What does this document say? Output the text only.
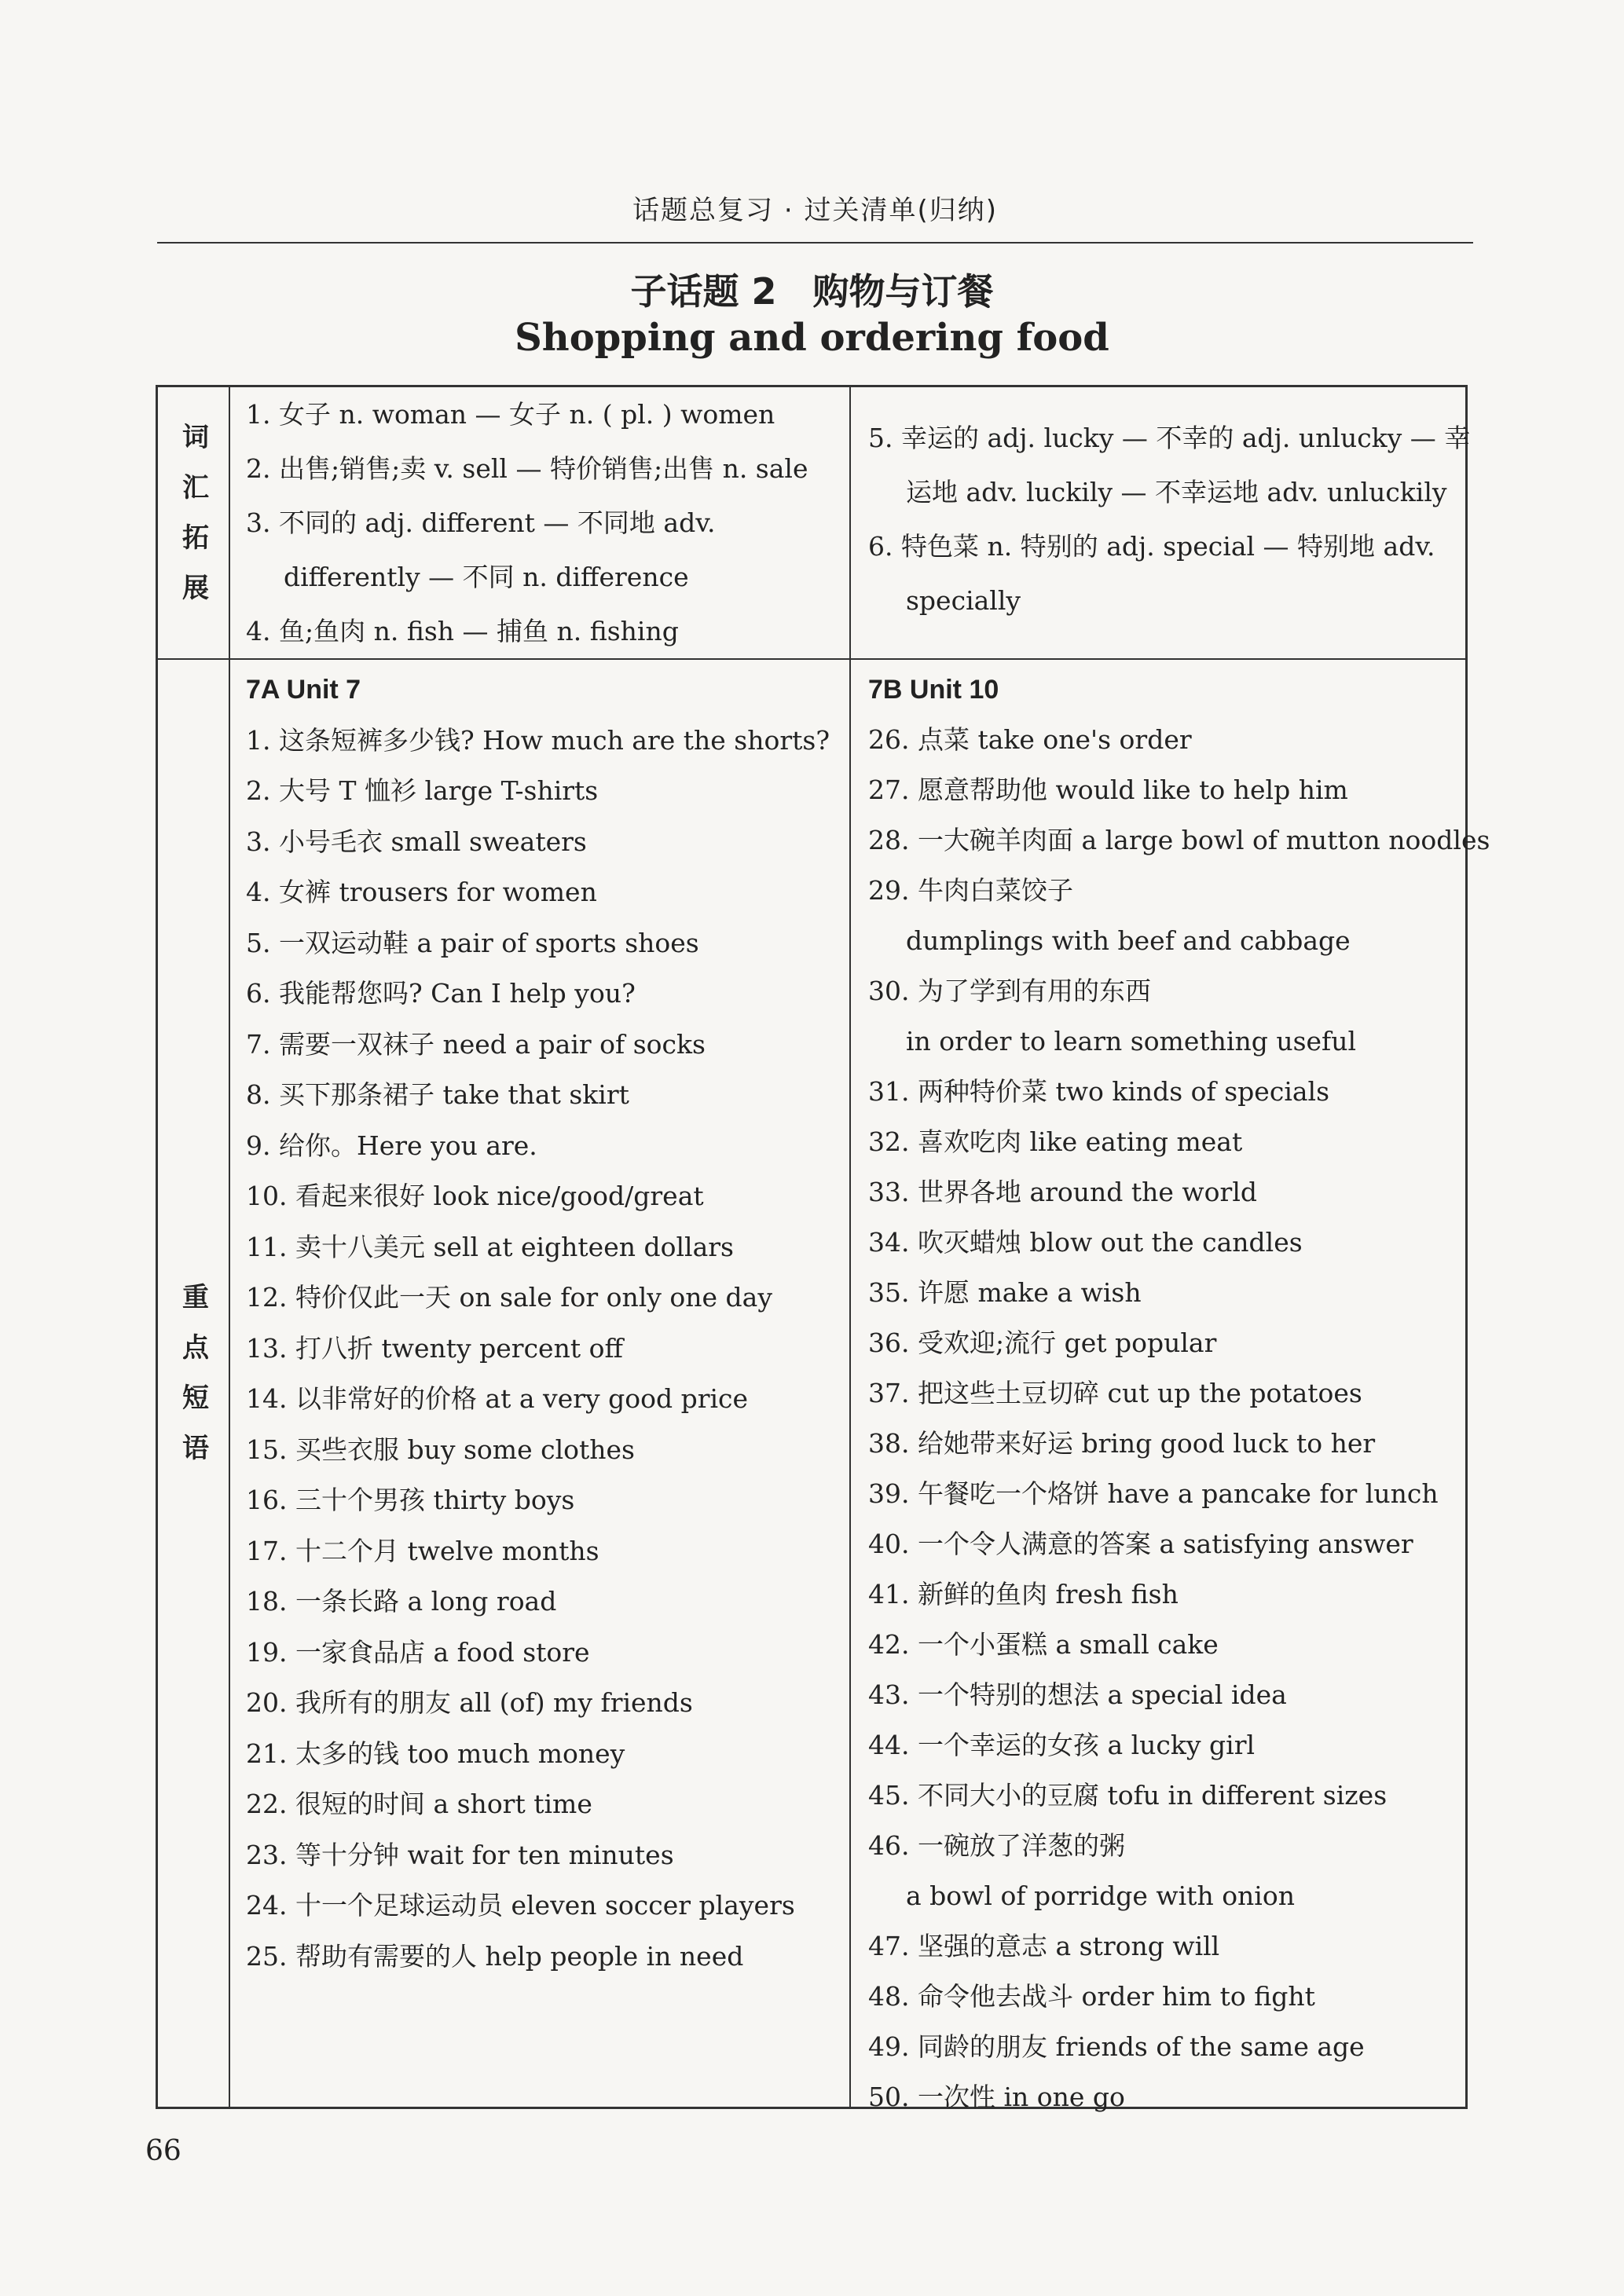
话题总复习 · 过关清单(归纳)
子话题 2　购物与订餐
Shopping and ordering food
词汇拓展
1. 女子 n. woman — 女子 n. ( pl. ) women
2. 出售;销售;卖 v. sell — 特价销售;出售 n. sale
3. 不同的 adj. different — 不同地 adv.
differently — 不同 n. difference
4. 鱼;鱼肉 n. fish — 捕鱼 n. fishing
5. 幸运的 adj. lucky — 不幸的 adj. unlucky — 幸
运地 adv. luckily — 不幸运地 adv. unluckily
6. 特色菜 n. 特别的 adj. special — 特别地 adv.
specially
重点短语
7A Unit 7
1. 这条短裤多少钱? How much are the shorts?
2. 大号 T 恤衫 large T-shirts
3. 小号毛衣 small sweaters
4. 女裤 trousers for women
5. 一双运动鞋 a pair of sports shoes
6. 我能帮您吗? Can I help you?
7. 需要一双袜子 need a pair of socks
8. 买下那条裙子 take that skirt
9. 给你。Here you are.
10. 看起来很好 look nice/good/great
11. 卖十八美元 sell at eighteen dollars
12. 特价仅此一天 on sale for only one day
13. 打八折 twenty percent off
14. 以非常好的价格 at a very good price
15. 买些衣服 buy some clothes
16. 三十个男孩 thirty boys
17. 十二个月 twelve months
18. 一条长路 a long road
19. 一家食品店 a food store
20. 我所有的朋友 all (of) my friends
21. 太多的钱 too much money
22. 很短的时间 a short time
23. 等十分钟 wait for ten minutes
24. 十一个足球运动员 eleven soccer players
25. 帮助有需要的人 help people in need
7B Unit 10
26. 点菜 take one's order
27. 愿意帮助他 would like to help him
28. 一大碗羊肉面 a large bowl of mutton noodles
29. 牛肉白菜饺子
dumplings with beef and cabbage
30. 为了学到有用的东西
in order to learn something useful
31. 两种特价菜 two kinds of specials
32. 喜欢吃肉 like eating meat
33. 世界各地 around the world
34. 吹灭蜡烛 blow out the candles
35. 许愿 make a wish
36. 受欢迎;流行 get popular
37. 把这些土豆切碎 cut up the potatoes
38. 给她带来好运 bring good luck to her
39. 午餐吃一个烙饼 have a pancake for lunch
40. 一个令人满意的答案 a satisfying answer
41. 新鲜的鱼肉 fresh fish
42. 一个小蛋糕 a small cake
43. 一个特别的想法 a special idea
44. 一个幸运的女孩 a lucky girl
45. 不同大小的豆腐 tofu in different sizes
46. 一碗放了洋葱的粥
a bowl of porridge with onion
47. 坚强的意志 a strong will
48. 命令他去战斗 order him to fight
49. 同龄的朋友 friends of the same age
50. 一次性 in one go
66
